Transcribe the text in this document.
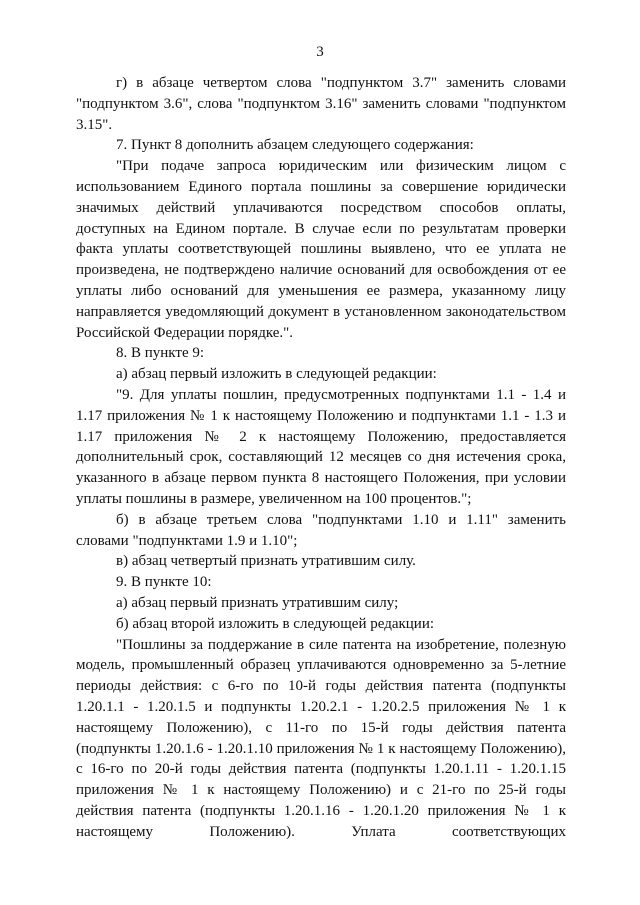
3

г) в абзаце четвертом слова "подпунктом 3.7" заменить словами "подпунктом 3.6", слова "подпунктом 3.16" заменить словами "подпунктом 3.15".

7. Пункт 8 дополнить абзацем следующего содержания:

"При подаче запроса юридическим или физическим лицом с использованием Единого портала пошлины за совершение юридически значимых действий уплачиваются посредством способов оплаты, доступных на Едином портале. В случае если по результатам проверки факта уплаты соответствующей пошлины выявлено, что ее уплата не произведена, не подтверждено наличие оснований для освобождения от ее уплаты либо оснований для уменьшения ее размера, указанному лицу направляется уведомляющий документ в установленном законодательством Российской Федерации порядке.".

8. В пункте 9:

а) абзац первый изложить в следующей редакции:

"9. Для уплаты пошлин, предусмотренных подпунктами 1.1 - 1.4 и 1.17 приложения № 1 к настоящему Положению и подпунктами 1.1 - 1.3 и 1.17 приложения № 2 к настоящему Положению, предоставляется дополнительный срок, составляющий 12 месяцев со дня истечения срока, указанного в абзаце первом пункта 8 настоящего Положения, при условии уплаты пошлины в размере, увеличенном на 100 процентов.";

б) в абзаце третьем слова "подпунктами 1.10 и 1.11" заменить словами "подпунктами 1.9 и 1.10";

в) абзац четвертый признать утратившим силу.

9. В пункте 10:

а) абзац первый признать утратившим силу;

б) абзац второй изложить в следующей редакции:

"Пошлины за поддержание в силе патента на изобретение, полезную модель, промышленный образец уплачиваются одновременно за 5-летние периоды действия: с 6-го по 10-й годы действия патента (подпункты 1.20.1.1 - 1.20.1.5 и подпункты 1.20.2.1 - 1.20.2.5 приложения № 1 к настоящему Положению), с 11-го по 15-й годы действия патента (подпункты 1.20.1.6 - 1.20.1.10 приложения № 1 к настоящему Положению), с 16-го по 20-й годы действия патента (подпункты 1.20.1.11 - 1.20.1.15 приложения № 1 к настоящему Положению) и с 21-го по 25-й годы действия патента (подпункты 1.20.1.16 - 1.20.1.20 приложения № 1 к настоящему Положению). Уплата соответствующих
